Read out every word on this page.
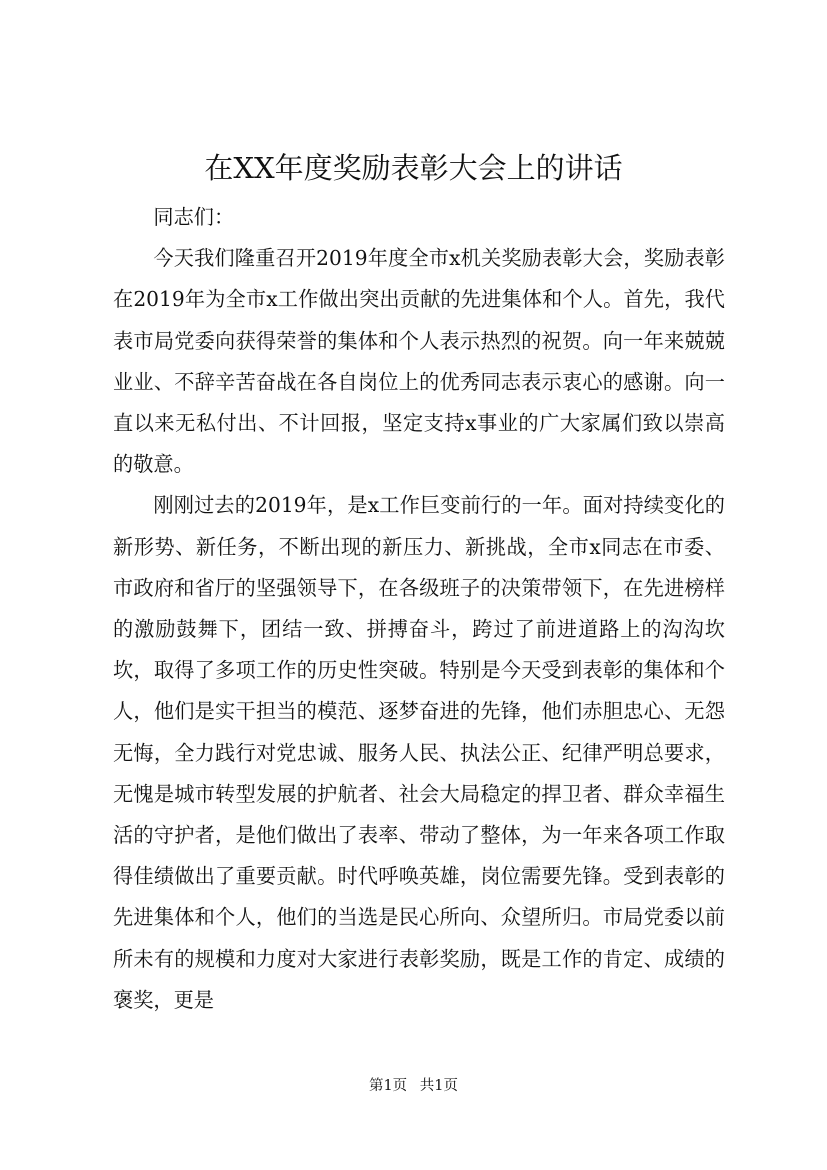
在XX年度奖励表彰大会上的讲话

同志们：

今天我们隆重召开2019年度全市x机关奖励表彰大会，奖励表彰在2019年为全市x工作做出突出贡献的先进集体和个人。首先，我代表市局党委向获得荣誉的集体和个人表示热烈的祝贺。向一年来兢兢业业、不辞辛苦奋战在各自岗位上的优秀同志表示衷心的感谢。向一直以来无私付出、不计回报，坚定支持x事业的广大家属们致以崇高的敬意。

刚刚过去的2019年，是x工作巨变前行的一年。面对持续变化的新形势、新任务，不断出现的新压力、新挑战，全市x同志在市委、市政府和省厅的坚强领导下，在各级班子的决策带领下，在先进榜样的激励鼓舞下，团结一致、拼搏奋斗，跨过了前进道路上的沟沟坎坎，取得了多项工作的历史性突破。特别是今天受到表彰的集体和个人，他们是实干担当的模范、逐梦奋进的先锋，他们赤胆忠心、无怨无悔，全力践行对党忠诚、服务人民、执法公正、纪律严明总要求，无愧是城市转型发展的护航者、社会大局稳定的捍卫者、群众幸福生活的守护者，是他们做出了表率、带动了整体，为一年来各项工作取得佳绩做出了重要贡献。时代呼唤英雄，岗位需要先锋。受到表彰的先进集体和个人，他们的当选是民心所向、众望所归。市局党委以前所未有的规模和力度对大家进行表彰奖励，既是工作的肯定、成绩的褒奖，更是

第1页 共1页
